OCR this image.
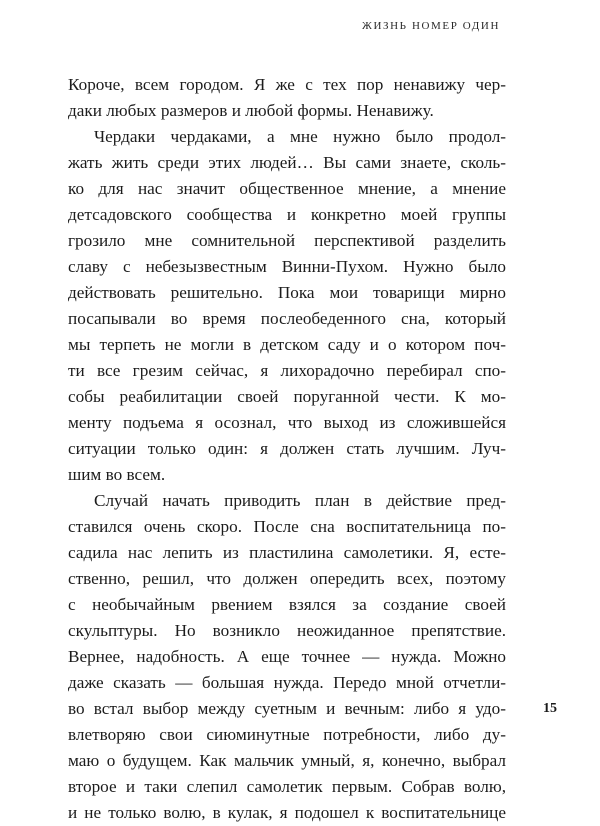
ЖИЗНЬ НОМЕР ОДИН
Короче, всем городом. Я же с тех пор ненавижу чер-
даки любых размеров и любой формы. Ненавижу.
Чердаки чердаками, а мне нужно было продол-
жать жить среди этих людей… Вы сами знаете, сколь-
ко для нас значит общественное мнение, а мнение
детсадовского сообщества и конкретно моей группы
грозило мне сомнительной перспективой разделить
славу с небезызвестным Винни-Пухом. Нужно было
действовать решительно. Пока мои товарищи мирно
посапывали во время послеобеденного сна, который
мы терпеть не могли в детском саду и о котором поч-
ти все грезим сейчас, я лихорадочно перебирал спо-
собы реабилитации своей поруганной чести. К мо-
менту подъема я осознал, что выход из сложившейся
ситуации только один: я должен стать лучшим. Луч-
шим во всем.
Случай начать приводить план в действие пред-
ставился очень скоро. После сна воспитательница по-
садила нас лепить из пластилина самолетики. Я, есте-
ственно, решил, что должен опередить всех, поэтому
с необычайным рвением взялся за создание своей
скульптуры. Но возникло неожиданное препятствие.
Вернее, надобность. А еще точнее — нужда. Можно
даже сказать — большая нужда. Передо мной отчетли-
во встал выбор между суетным и вечным: либо я удо-
влетворяю свои сиюминутные потребности, либо ду-
маю о будущем. Как мальчик умный, я, конечно, выбрал
второе и таки слепил самолетик первым. Собрав волю,
и не только волю, в кулак, я подошел к воспитательнице
15
